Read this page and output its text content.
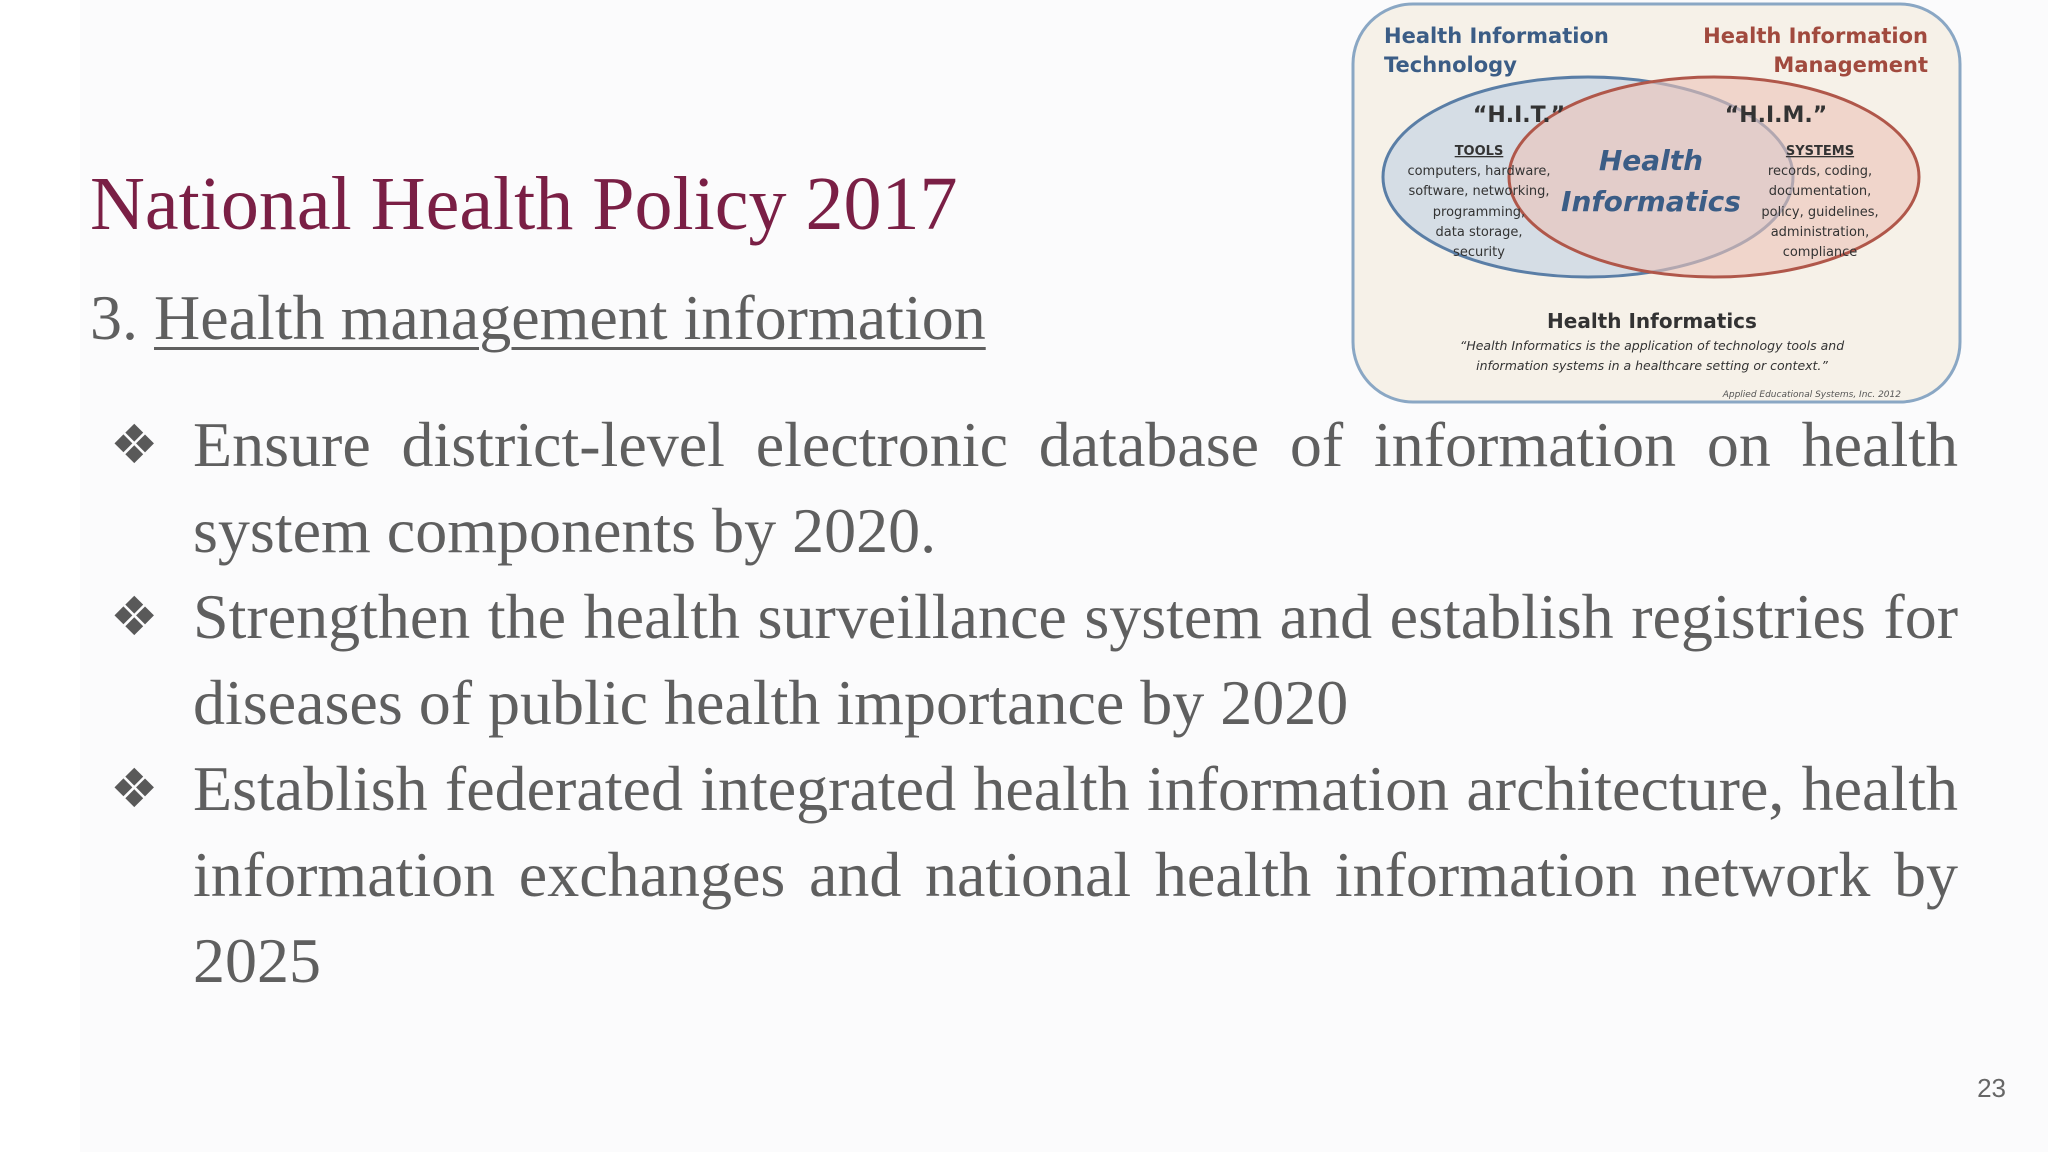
National Health Policy 2017
3. Health management information
❖ Ensure district-level electronic database of information on health system components by 2020.
❖ Strengthen the health surveillance system and establish registries for diseases of public health importance by 2020
❖ Establish federated integrated health information architecture, health information exchanges and national health information network by 2025
Health Information
Technology
Health Information
Management
“H.I.T.”	“H.I.M.”
TOOLS
computers, hardware,
software, networking,
programming,
data storage,
security
SYSTEMS
records, coding,
documentation,
policy, guidelines,
administration,
compliance
Health
Informatics
Health Informatics
“Health Informatics is the application of technology tools and
information systems in a healthcare setting or context.”
Applied Educational Systems, Inc. 2012
23
